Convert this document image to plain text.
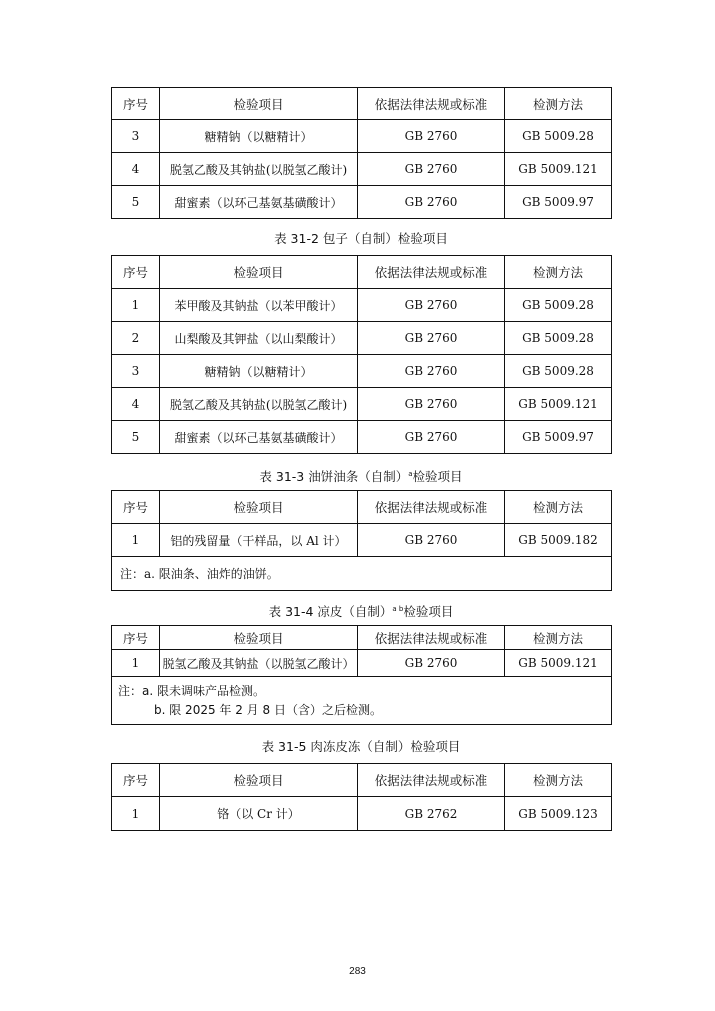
序号	检验项目	依据法律法规或标准	检测方法
3	糖精钠（以糖精计）	GB 2760	GB 5009.28
4	脱氢乙酸及其钠盐(以脱氢乙酸计)	GB 2760	GB 5009.121
5	甜蜜素（以环己基氨基磺酸计）	GB 2760	GB 5009.97
表 31-2 包子（自制）检验项目
序号	检验项目	依据法律法规或标准	检测方法
1	苯甲酸及其钠盐（以苯甲酸计）	GB 2760	GB 5009.28
2	山梨酸及其钾盐（以山梨酸计）	GB 2760	GB 5009.28
3	糖精钠（以糖精计）	GB 2760	GB 5009.28
4	脱氢乙酸及其钠盐(以脱氢乙酸计)	GB 2760	GB 5009.121
5	甜蜜素（以环己基氨基磺酸计）	GB 2760	GB 5009.97
表 31-3 油饼油条（自制）$^a$检验项目
序号	检验项目	依据法律法规或标准	检测方法
1	铝的残留量（干样品，以 Al 计）	GB 2760	GB 5009.182
注：a. 限油条、油炸的油饼。			
表 31-4 凉皮（自制）$^{a b}$检验项目
序号	检验项目	依据法律法规或标准	检测方法
1	脱氢乙酸及其钠盐（以脱氢乙酸计）	GB 2760	GB 5009.121

注：a. 限未调味产品检测。
b. 限 2025 年 2 月 8 日（含）之后检测。			
表 31-5 肉冻皮冻（自制）检验项目
序号	检验项目	依据法律法规或标准	检测方法
1	铬（以 Cr 计）	GB 2762	GB 5009.123
283
